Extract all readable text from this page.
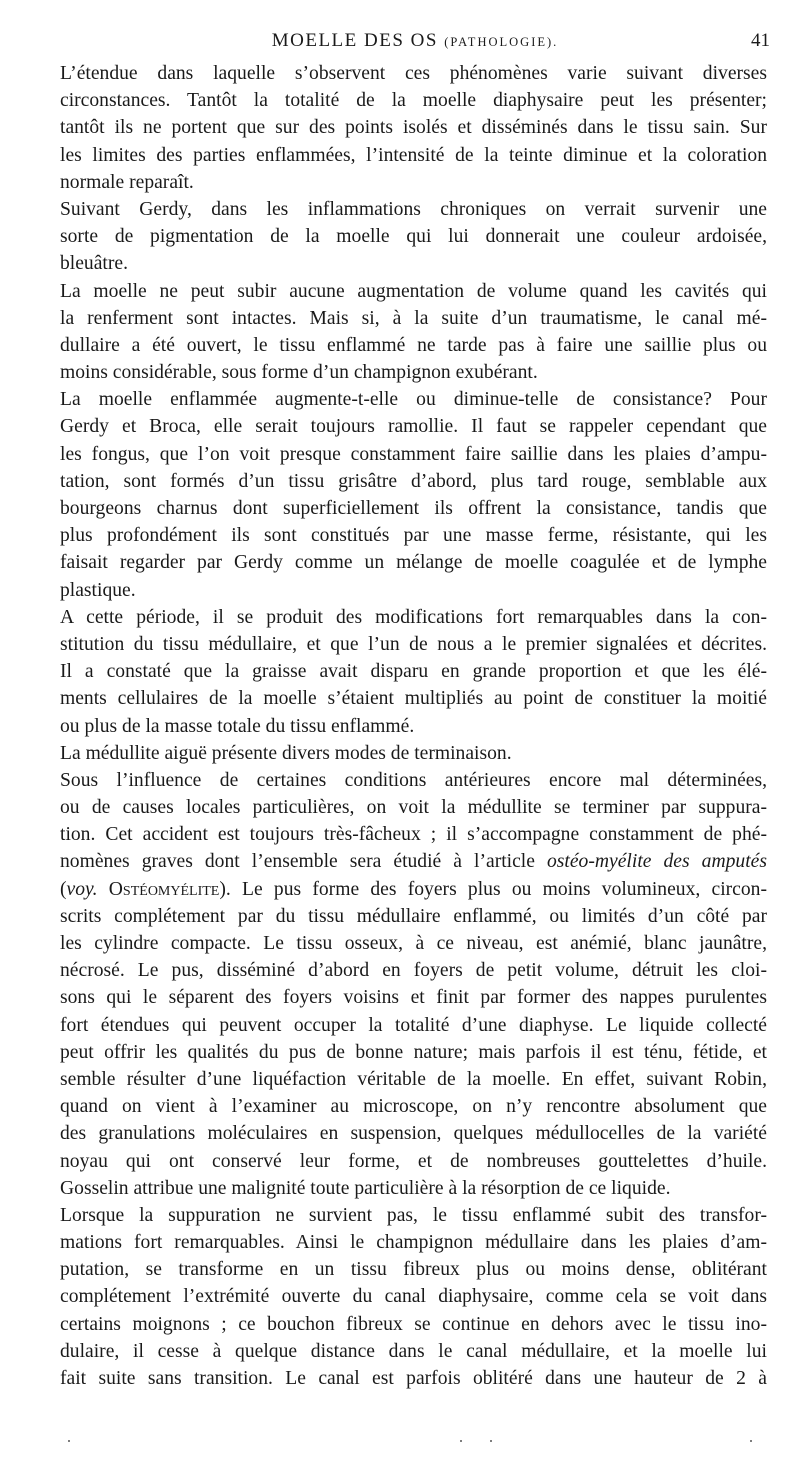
MOELLE DES OS (PATHOLOGIE).	41
L’étendue dans laquelle s’observent ces phénomènes varie suivant diverses
circonstances. Tantôt la totalité de la moelle diaphysaire peut les présenter;
tantôt ils ne portent que sur des points isolés et disséminés dans le tissu sain. Sur
les limites des parties enflammées, l’intensité de la teinte diminue et la coloration
normale reparaît.
Suivant Gerdy, dans les inflammations chroniques on verrait survenir une
sorte de pigmentation de la moelle qui lui donnerait une couleur ardoisée,
bleuâtre.
La moelle ne peut subir aucune augmentation de volume quand les cavités qui
la renferment sont intactes. Mais si, à la suite d’un traumatisme, le canal mé-
dullaire a été ouvert, le tissu enflammé ne tarde pas à faire une saillie plus ou
moins considérable, sous forme d’un champignon exubérant.
La moelle enflammée augmente-t-elle ou diminue-telle de consistance? Pour
Gerdy et Broca, elle serait toujours ramollie. Il faut se rappeler cependant que
les fongus, que l’on voit presque constamment faire saillie dans les plaies d’ampu-
tation, sont formés d’un tissu grisâtre d’abord, plus tard rouge, semblable aux
bourgeons charnus dont superficiellement ils offrent la consistance, tandis que
plus profondément ils sont constitués par une masse ferme, résistante, qui les
faisait regarder par Gerdy comme un mélange de moelle coagulée et de lymphe
plastique.
A cette période, il se produit des modifications fort remarquables dans la con-
stitution du tissu médullaire, et que l’un de nous a le premier signalées et décrites.
Il a constaté que la graisse avait disparu en grande proportion et que les élé-
ments cellulaires de la moelle s’étaient multipliés au point de constituer la moitié
ou plus de la masse totale du tissu enflammé.
La médullite aiguë présente divers modes de terminaison.
Sous l’influence de certaines conditions antérieures encore mal déterminées,
ou de causes locales particulières, on voit la médullite se terminer par suppura-
tion. Cet accident est toujours très-fâcheux ; il s’accompagne constamment de phé-
nomènes graves dont l’ensemble sera étudié à l’article ostéo-myélite des amputés
(voy. Ostéomyélite). Le pus forme des foyers plus ou moins volumineux, circon-
scrits complétement par du tissu médullaire enflammé, ou limités d’un côté par
les cylindre compacte. Le tissu osseux, à ce niveau, est anémié, blanc jaunâtre,
nécrosé. Le pus, disséminé d’abord en foyers de petit volume, détruit les cloi-
sons qui le séparent des foyers voisins et finit par former des nappes purulentes
fort étendues qui peuvent occuper la totalité d’une diaphyse. Le liquide collecté
peut offrir les qualités du pus de bonne nature; mais parfois il est ténu, fétide, et
semble résulter d’une liquéfaction véritable de la moelle. En effet, suivant Robin,
quand on vient à l’examiner au microscope, on n’y rencontre absolument que
des granulations moléculaires en suspension, quelques médullocelles de la variété
noyau qui ont conservé leur forme, et de nombreuses gouttelettes d’huile.
Gosselin attribue une malignité toute particulière à la résorption de ce liquide.
Lorsque la suppuration ne survient pas, le tissu enflammé subit des transfor-
mations fort remarquables. Ainsi le champignon médullaire dans les plaies d’am-
putation, se transforme en un tissu fibreux plus ou moins dense, oblitérant
complétement l’extrémité ouverte du canal diaphysaire, comme cela se voit dans
certains moignons ; ce bouchon fibreux se continue en dehors avec le tissu ino-
dulaire, il cesse à quelque distance dans le canal médullaire, et la moelle lui
fait suite sans transition. Le canal est parfois oblitéré dans une hauteur de 2 à
